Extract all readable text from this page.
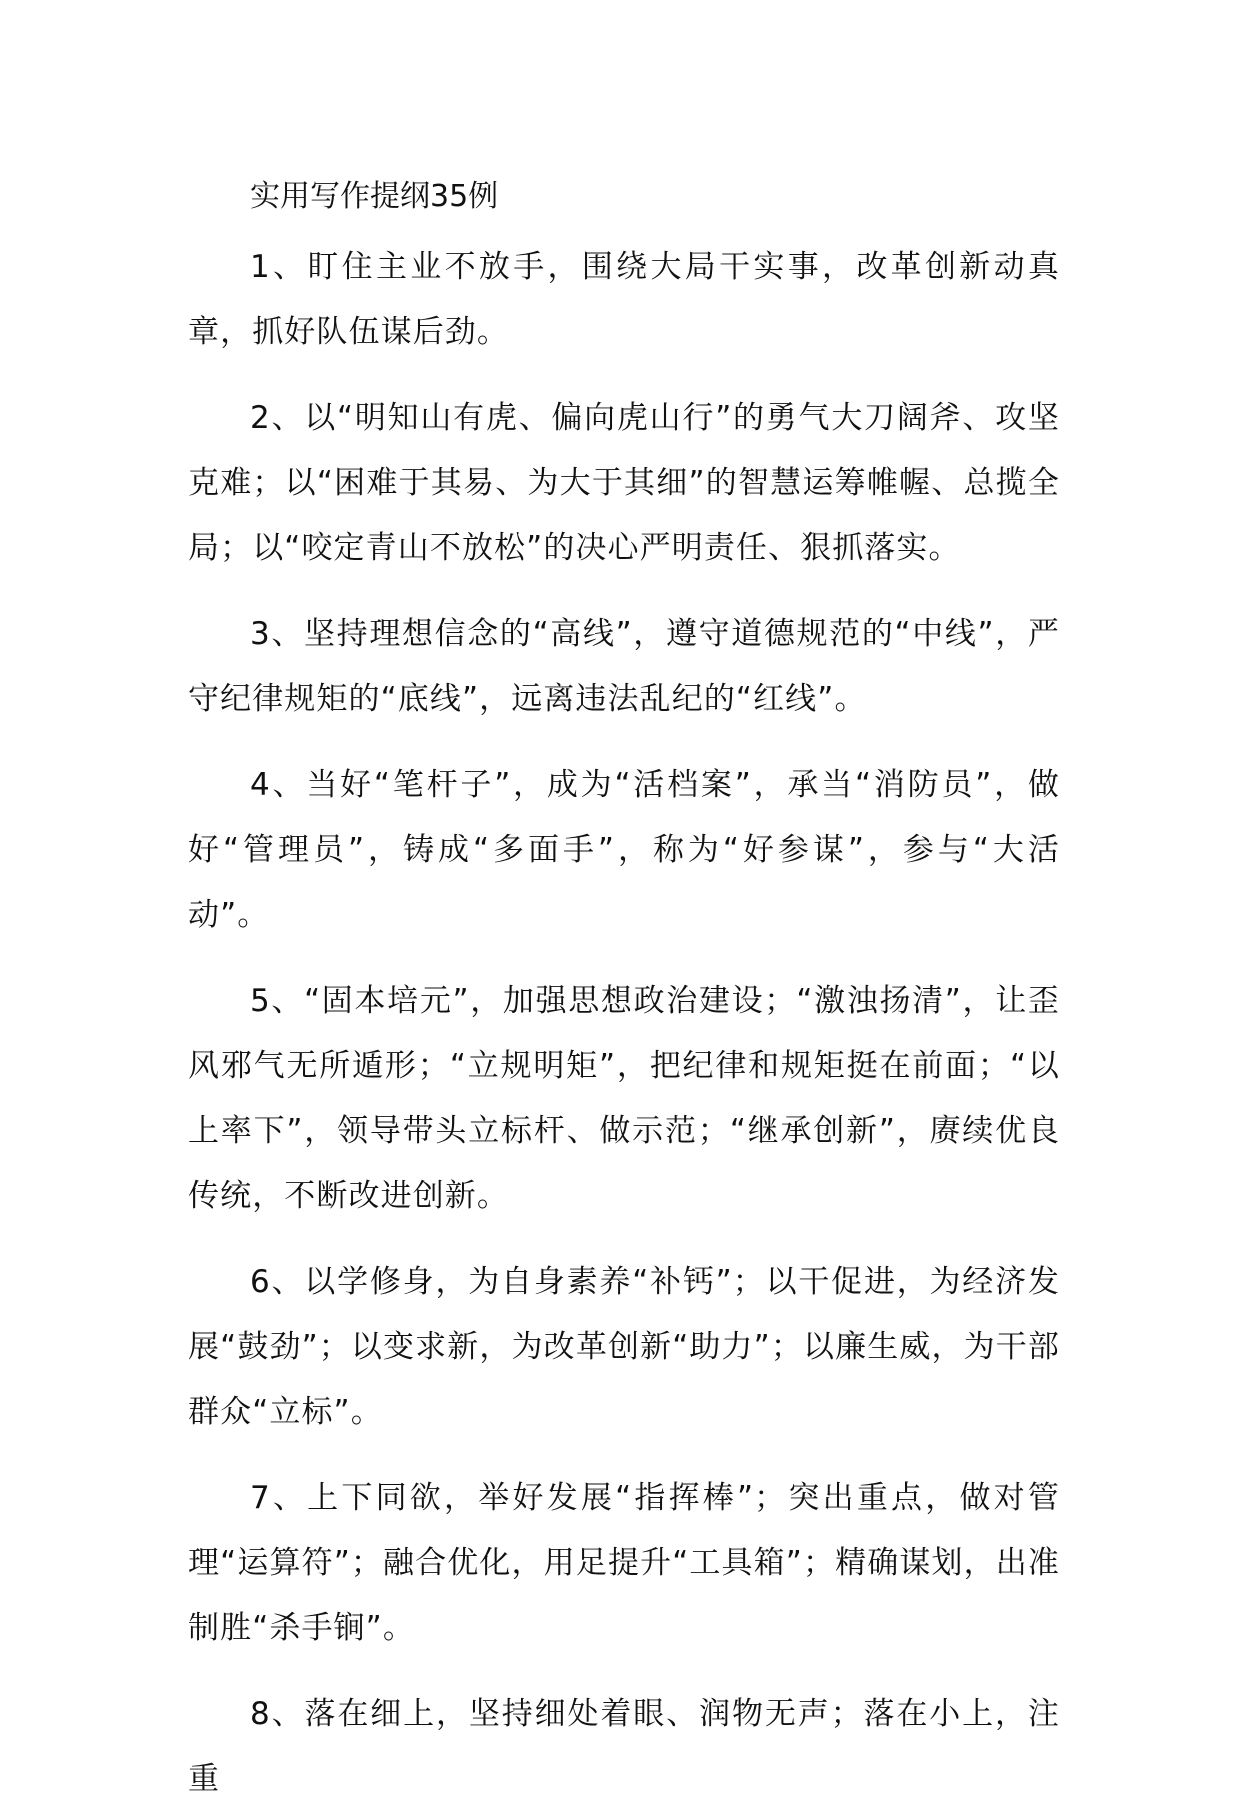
实用写作提纲35例

1、盯住主业不放手，围绕大局干实事，改革创新动真章，抓好队伍谋后劲。

2、以“明知山有虎、偏向虎山行”的勇气大刀阔斧、攻坚克难；以“困难于其易、为大于其细”的智慧运筹帷幄、总揽全局；以“咬定青山不放松”的决心严明责任、狠抓落实。

3、坚持理想信念的“高线”，遵守道德规范的“中线”，严守纪律规矩的“底线”，远离违法乱纪的“红线”。

4、当好“笔杆子”，成为“活档案”，承当“消防员”，做好“管理员”，铸成“多面手”，称为“好参谋”，参与“大活动”。

5、“固本培元”，加强思想政治建设；“激浊扬清”，让歪风邪气无所遁形；“立规明矩”，把纪律和规矩挺在前面；“以上率下”，领导带头立标杆、做示范；“继承创新”，赓续优良传统，不断改进创新。

6、以学修身，为自身素养“补钙”；以干促进，为经济发展“鼓劲”；以变求新，为改革创新“助力”；以廉生威，为干部群众“立标”。

7、上下同欲，举好发展“指挥棒”；突出重点，做对管理“运算符”；融合优化，用足提升“工具箱”；精确谋划，出准制胜“杀手锏”。

8、落在细上，坚持细处着眼、润物无声；落在小上，注重
